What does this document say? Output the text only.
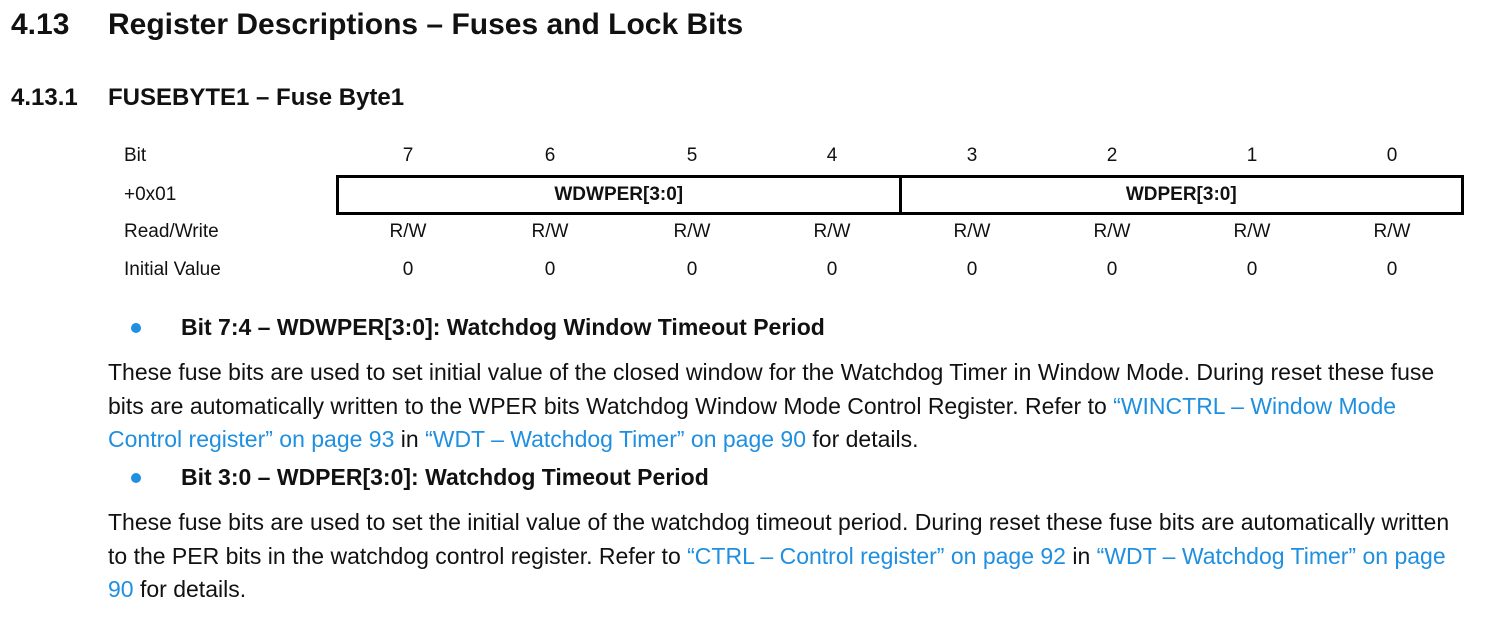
4.13 Register Descriptions – Fuses and Lock Bits
4.13.1 FUSEBYTE1 – Fuse Byte1
Bit	7	6	5	4	3	2	1	0
+0x01	WDWPER[3:0]	WDPER[3:0]
Read/Write	R/W	R/W	R/W	R/W	R/W	R/W	R/W	R/W
Initial Value	0	0	0	0	0	0	0	0
Bit 7:4 – WDWPER[3:0]: Watchdog Window Timeout Period
These fuse bits are used to set initial value of the closed window for the Watchdog Timer in Window Mode. During reset these fuse bits are automatically written to the WPER bits Watchdog Window Mode Control Register. Refer to “WINCTRL – Window Mode Control register” on page 93 in “WDT – Watchdog Timer” on page 90 for details.
Bit 3:0 – WDPER[3:0]: Watchdog Timeout Period
These fuse bits are used to set the initial value of the watchdog timeout period. During reset these fuse bits are automatically written to the PER bits in the watchdog control register. Refer to “CTRL – Control register” on page 92 in “WDT – Watchdog Timer” on page 90 for details.
